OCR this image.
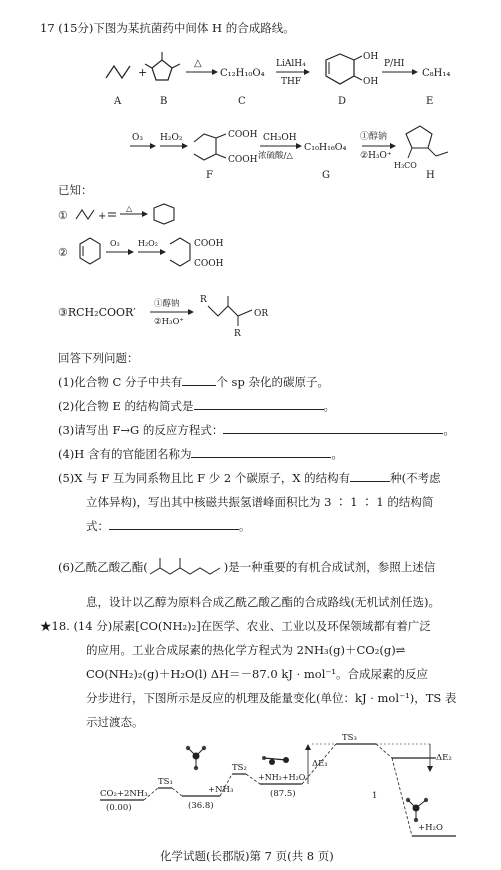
17 (15分)下图为某抗菌药中间体 H 的合成路线。
+
△
C₁₂H₁₀O₄
LiAlH₄
THF
OH
OH
P/HI
C₈H₁₄
A	B	C	D	E
O₃ H₂O₂	COOH
COOH
CH₃OH
浓硫酸/△
C₁₀H₁₆O₄
①醇钠
②H₃O⁺
H₃CO
F	G	H
已知：
①	+
△
②
O₃ H₂O₂	COOH
COOH
③RCH₂COOR′
①醇钠
②H₃O⁺
R
R
OR
回答下列问题：
(1)化合物 C 分子中共有	个 sp 杂化的碳原子。
(2)化合物 E 的结构简式是	。
(3)请写出 F→G 的反应方程式：	。
(4)H 含有的官能团名称为	。
(5)X 与 F 互为同系物且比 F 少 2 个碳原子，X 的结构有	种(不考虑
立体异构)，写出其中核磁共振氢谱峰面积比为 3 ∶ 1 ∶ 1 的结构简
式：	。
(6)乙酰乙酸乙酯(	)是一种重要的有机合成试剂，参照上述信
息，设计以乙醇为原料合成乙酰乙酸乙酯的合成路线(无机试剂任选)。
★18. (14 分)尿素[CO(NH₂)₂]在医学、农业、工业以及环保领域都有着广泛
的应用。工业合成尿素的热化学方程式为 2NH₃(g)＋CO₂(g)⇌
CO(NH₂)₂(g)＋H₂O(l) ΔH＝－87.0 kJ · mol⁻¹。合成尿素的反应
分步进行，下图所示是反应的机理及能量变化(单位：kJ · mol⁻¹)，TS 表
示过渡态。
CO₂+2NH₃
(0.00)
TS₁
(36.8)
+NH₃
TS₂
+NH₃+H₂O
(87.5)
TS₃
ΔE₁
ΔE₂
1
+H₂O
化学试题(长郡版)第 7 页(共 8 页)
